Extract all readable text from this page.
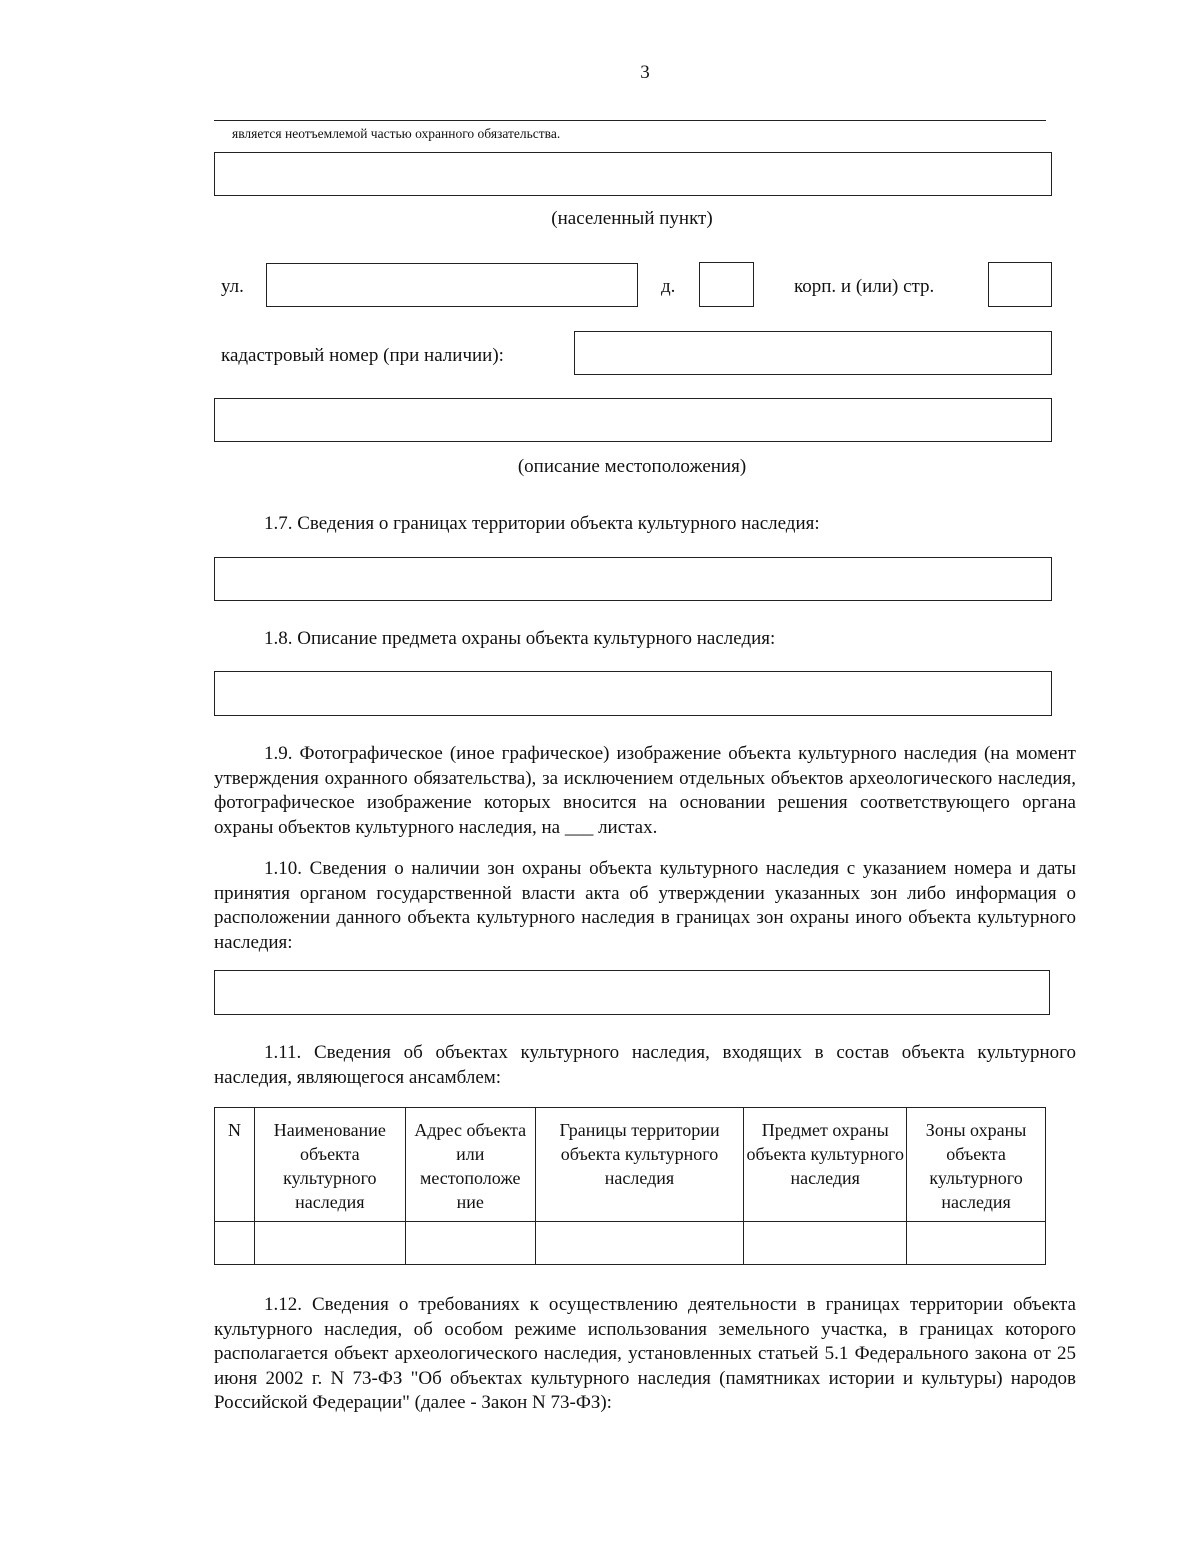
3
является неотъемлемой частью охранного обязательства.
(населенный пункт)
ул.	д.	корп. и (или) стр.
кадастровый номер (при наличии):
(описание местоположения)
1.7. Сведения о границах территории объекта культурного наследия:
1.8. Описание предмета охраны объекта культурного наследия:
1.9. Фотографическое (иное графическое) изображение объекта культурного наследия (на момент утверждения охранного обязательства), за исключением отдельных объектов археологического наследия, фотографическое изображение которых вносится на основании решения соответствующего органа охраны объектов культурного наследия, на ___ листах.
1.10. Сведения о наличии зон охраны объекта культурного наследия с указанием номера и даты принятия органом государственной власти акта об утверждении указанных зон либо информация о расположении данного объекта культурного наследия в границах зон охраны иного объекта культурного наследия:
1.11. Сведения об объектах культурного наследия, входящих в состав объекта культурного наследия, являющегося ансамблем:
N	Наименование объекта культурного наследия	Адрес объекта или местоположе ние	Границы территории объекта культурного наследия	Предмет охраны объекта культурного наследия	Зоны охраны объекта культурного наследия

1.12. Сведения о требованиях к осуществлению деятельности в границах территории объекта культурного наследия, об особом режиме использования земельного участка, в границах которого располагается объект археологического наследия, установленных статьей 5.1 Федерального закона от 25 июня 2002 г. N 73-ФЗ "Об объектах культурного наследия (памятниках истории и культуры) народов Российской Федерации" (далее - Закон N 73-ФЗ):
